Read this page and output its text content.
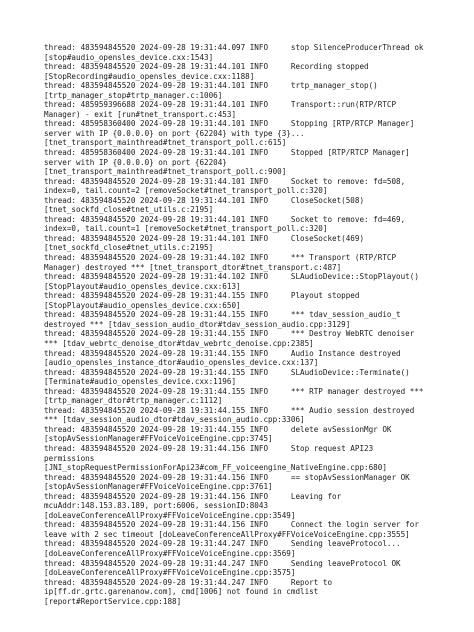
thread: 483594845520 2024-09-28 19:31:44.097 INFO     stop SilenceProducerThread ok
[stop#audio_opensles_device.cxx:1543]
thread: 483594845520 2024-09-28 19:31:44.101 INFO     Recording stopped
[StopRecording#audio_opensles_device.cxx:1188]
thread: 483594845520 2024-09-28 19:31:44.101 INFO     trtp_manager_stop()
[trtp_manager_stop#trtp_manager.c:1006]
thread: 485959396688 2024-09-28 19:31:44.101 INFO     Transport::run(RTP/RTCP
Manager) - exit [run#tnet_transport.c:453]
thread: 485958360400 2024-09-28 19:31:44.101 INFO     Stopping [RTP/RTCP Manager]
server with IP {0.0.0.0} on port {62204} with type {3}...
[tnet_transport_mainthread#tnet_transport_poll.c:615]
thread: 485958360400 2024-09-28 19:31:44.101 INFO     Stopped [RTP/RTCP Manager]
server with IP {0.0.0.0} on port {62204}
[tnet_transport_mainthread#tnet_transport_poll.c:900]
thread: 483594845520 2024-09-28 19:31:44.101 INFO     Socket to remove: fd=508,
index=0, tail.count=2 [removeSocket#tnet_transport_poll.c:320]
thread: 483594845520 2024-09-28 19:31:44.101 INFO     CloseSocket(508)
[tnet_sockfd_close#tnet_utils.c:2195]
thread: 483594845520 2024-09-28 19:31:44.101 INFO     Socket to remove: fd=469,
index=0, tail.count=1 [removeSocket#tnet_transport_poll.c:320]
thread: 483594845520 2024-09-28 19:31:44.101 INFO     CloseSocket(469)
[tnet_sockfd_close#tnet_utils.c:2195]
thread: 483594845520 2024-09-28 19:31:44.102 INFO     *** Transport (RTP/RTCP
Manager) destroyed *** [tnet_transport_dtor#tnet_transport.c:487]
thread: 483594845520 2024-09-28 19:31:44.102 INFO     SLAudioDevice::StopPlayout()
[StopPlayout#audio_opensles_device.cxx:613]
thread: 483594845520 2024-09-28 19:31:44.155 INFO     Playout stopped
[StopPlayout#audio_opensles_device.cxx:650]
thread: 483594845520 2024-09-28 19:31:44.155 INFO     *** tdav_session_audio_t
destroyed *** [tdav_session_audio_dtor#tdav_session_audio.cpp:3129]
thread: 483594845520 2024-09-28 19:31:44.155 INFO     *** Destroy WebRTC denoiser
*** [tdav_webrtc_denoise_dtor#tdav_webrtc_denoise.cpp:2385]
thread: 483594845520 2024-09-28 19:31:44.155 INFO     Audio Instance destroyed
[audio_opensles_instance_dtor#audio_opensles_device.cxx:137]
thread: 483594845520 2024-09-28 19:31:44.155 INFO     SLAudioDevice::Terminate()
[Terminate#audio_opensles_device.cxx:1196]
thread: 483594845520 2024-09-28 19:31:44.155 INFO     *** RTP manager destroyed ***
[trtp_manager_dtor#trtp_manager.c:1112]
thread: 483594845520 2024-09-28 19:31:44.155 INFO     *** Audio session destroyed
*** [tdav_session_audio_dtor#tdav_session_audio.cpp:3306]
thread: 483594845520 2024-09-28 19:31:44.155 INFO     delete avSessionMgr OK
[stopAvSessionManager#FFVoiceVoiceEngine.cpp:3745]
thread: 483594845520 2024-09-28 19:31:44.156 INFO     Stop request API23
permissions
[JNI_stopRequestPermissionForApi23#com_FF_voiceengine_NativeEngine.cpp:680]
thread: 483594845520 2024-09-28 19:31:44.156 INFO     == stopAvSessionManager OK
[stopAvSessionManager#FFVoiceVoiceEngine.cpp:3761]
thread: 483594845520 2024-09-28 19:31:44.156 INFO     Leaving for
mcuAddr:148.153.83.189, port:6006, sessionID:8043
[doLeaveConferenceAllProxy#FFVoiceVoiceEngine.cpp:3549]
thread: 483594845520 2024-09-28 19:31:44.156 INFO     Connect the login server for
leave with 2 sec timeout [doLeaveConferenceAllProxy#FFVoiceVoiceEngine.cpp:3555]
thread: 483594845520 2024-09-28 19:31:44.247 INFO     Sending leaveProtocol...
[doLeaveConferenceAllProxy#FFVoiceVoiceEngine.cpp:3569]
thread: 483594845520 2024-09-28 19:31:44.247 INFO     Sending leaveProtocol OK
[doLeaveConferenceAllProxy#FFVoiceVoiceEngine.cpp:3575]
thread: 483594845520 2024-09-28 19:31:44.247 INFO     Report to
ip[ff.dr.grtc.garenanow.com], cmd[1006] not found in cmdlist
[report#ReportService.cpp:188]
